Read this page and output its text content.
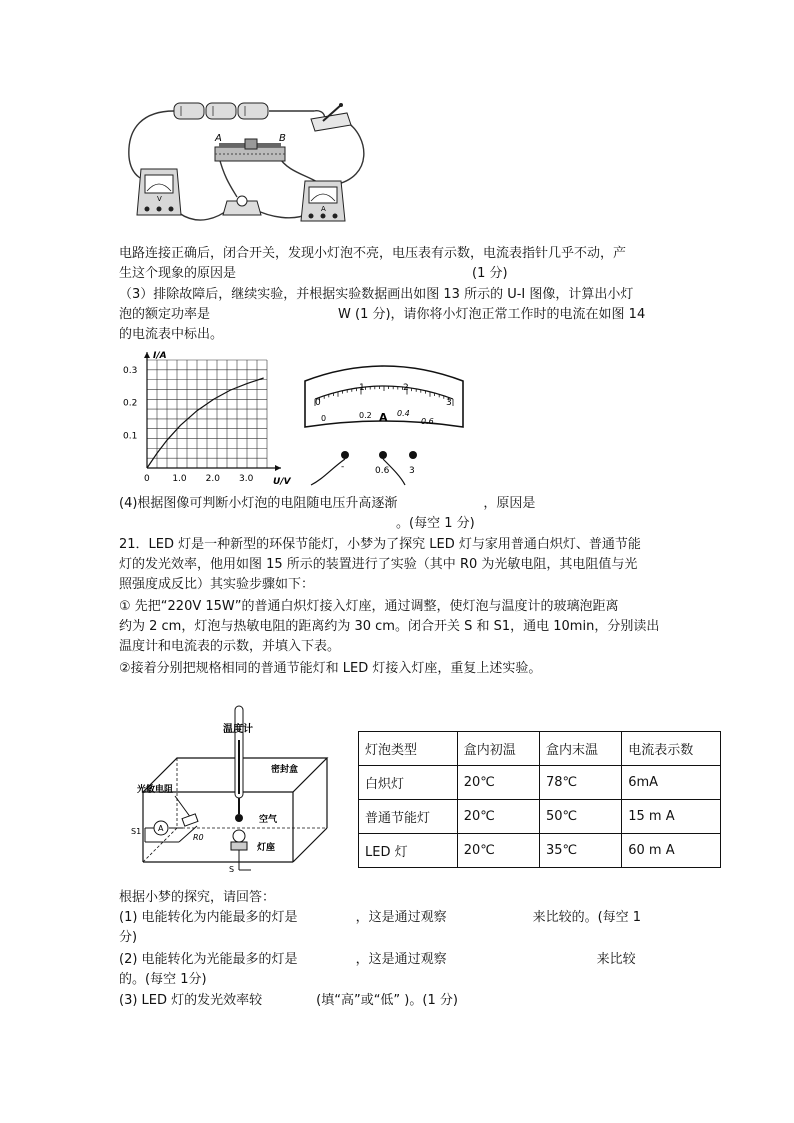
A	B
V
A
电路连接正确后，闭合开关，发现小灯泡不亮，电压表有示数，电流表指针几乎不动，产
生这个现象的原因是	(1 分)
（3）排除故障后，继续实验，并根据实验数据画出如图 13 所示的 U-I 图像，计算出小灯
泡的额定功率是	W (1 分)，请你将小灯泡正常工作时的电流在如图 14
的电流表中标出。
0	1.0 2.0 3.0
0.1
0.2
0.3
U/V
I/A
0
1	2
3
0	0.2	0.4
0.6
A
-	0.6 3
(4)根据图像可判断小灯泡的电阻随电压升高逐渐	，原因是
。(每空 1 分)
21．LED 灯是一种新型的环保节能灯，小梦为了探究 LED 灯与家用普通白炽灯、普通节能
灯的发光效率，他用如图 15 所示的装置进行了实验（其中 R0 为光敏电阻，其电阻值与光
照强度成反比）其实验步骤如下：
① 先把“220V 15W”的普通白炽灯接入灯座，通过调整，使灯泡与温度计的玻璃泡距离
约为 2 cm，灯泡与热敏电阻的距离约为 30 cm。闭合开关 S 和 S1，通电 10min，分别读出
温度计和电流表的示数，并填入下表。
②接着分别把规格相同的普通节能灯和 LED 灯接入灯座，重复上述实验。
温度计
密封盒
光敏电阻
空气
灯座
S
A
S1
R0
灯泡类型	盒内初温	盒内末温	电流表示数
白炽灯	20℃	78℃	6mA
普通节能灯	20℃	50℃	15 m A
LED 灯	20℃	35℃	60 m A
根据小梦的探究，请回答：
(1) 电能转化为内能最多的灯是	，这是通过观察	来比较的。(每空 1
分)
(2) 电能转化为光能最多的灯是	，这是通过观察	来比较
的。(每空 1分)
(3) LED 灯的发光效率较	(填“高”或“低” )。(1 分)
